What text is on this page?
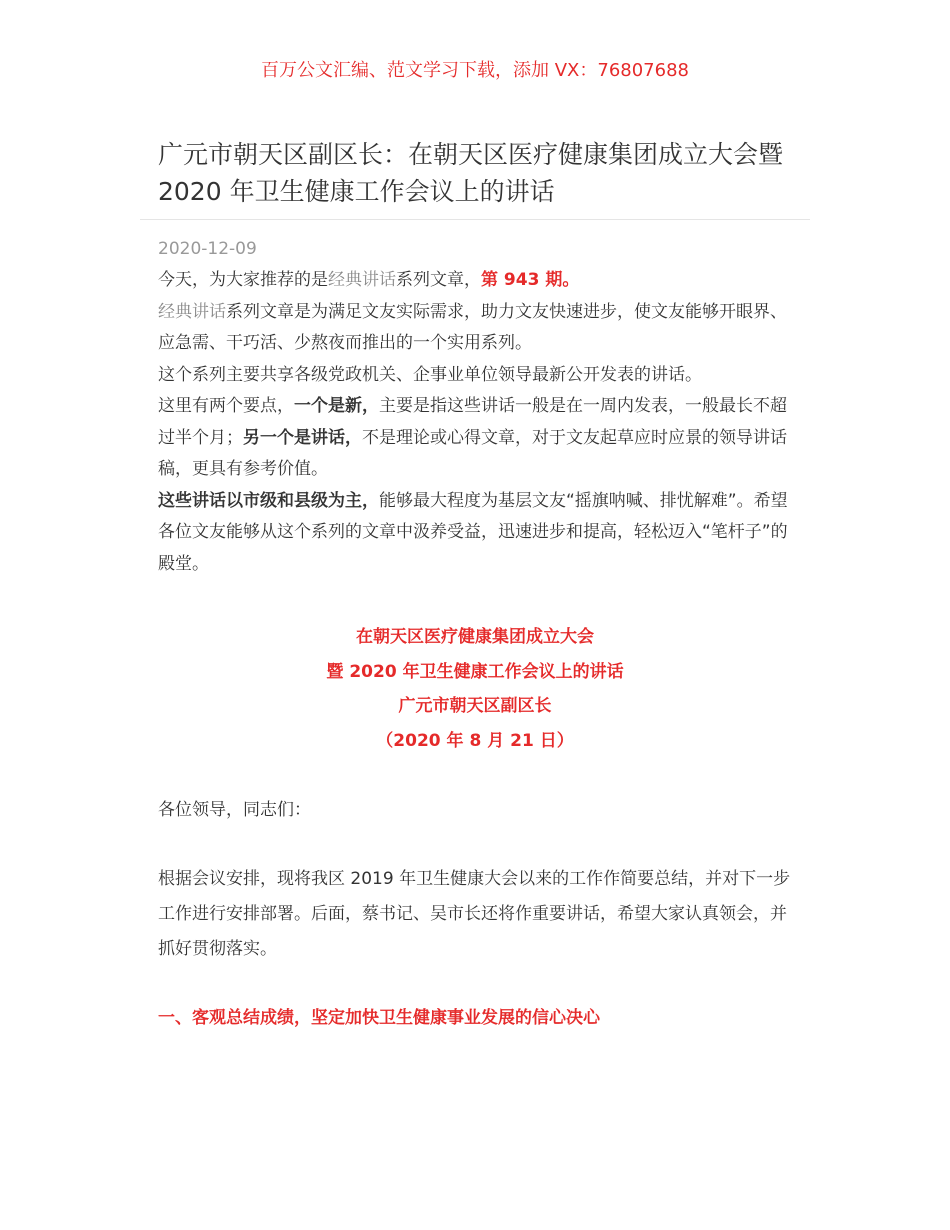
百万公文汇编、范文学习下载，添加 VX：76807688
广元市朝天区副区长：在朝天区医疗健康集团成立大会暨 2020 年卫生健康工作会议上的讲话
2020-12-09

今天，为大家推荐的是经典讲话系列文章，第 943 期。

经典讲话系列文章是为满足文友实际需求，助力文友快速进步，使文友能够开眼界、应急需、干巧活、少熬夜而推出的一个实用系列。

这个系列主要共享各级党政机关、企事业单位领导最新公开发表的讲话。

这里有两个要点，一个是新，主要是指这些讲话一般是在一周内发表，一般最长不超过半个月；另一个是讲话，不是理论或心得文章，对于文友起草应时应景的领导讲话稿，更具有参考价值。

这些讲话以市级和县级为主，能够最大程度为基层文友“摇旗呐喊、排忧解难”。希望各位文友能够从这个系列的文章中汲养受益，迅速进步和提高，轻松迈入“笔杆子”的殿堂。

在朝天区医疗健康集团成立大会
暨 2020 年卫生健康工作会议上的讲话
广元市朝天区副区长
（2020 年 8 月 21 日）
各位领导，同志们：

根据会议安排，现将我区 2019 年卫生健康大会以来的工作作简要总结，并对下一步工作进行安排部署。后面，蔡书记、吴市长还将作重要讲话，希望大家认真领会，并抓好贯彻落实。

一、客观总结成绩，坚定加快卫生健康事业发展的信心决心
